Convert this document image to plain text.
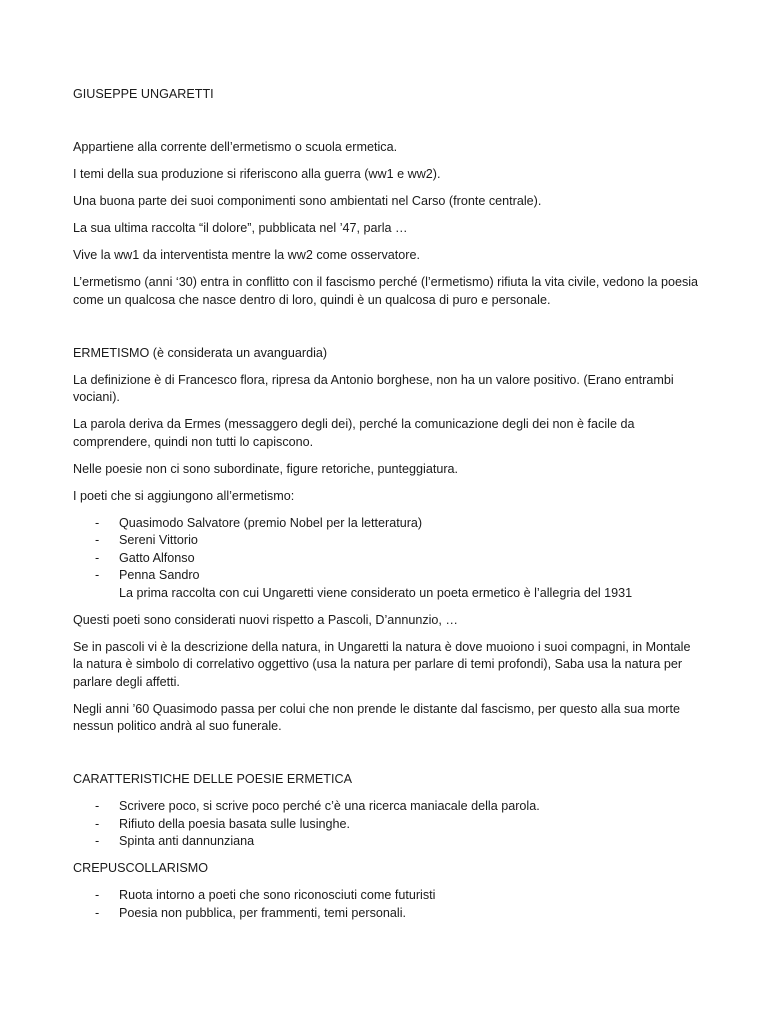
GIUSEPPE UNGARETTI

Appartiene alla corrente dell’ermetismo o scuola ermetica.

I temi della sua produzione si riferiscono alla guerra (ww1 e ww2).

Una buona parte dei suoi componimenti sono ambientati nel Carso (fronte centrale).

La sua ultima raccolta “il dolore”, pubblicata nel ’47, parla …

Vive la ww1 da interventista mentre la ww2 come osservatore.

L’ermetismo (anni ‘30) entra in conflitto con il fascismo perché (l’ermetismo) rifiuta la vita civile, vedono la poesia come un qualcosa che nasce dentro di loro, quindi è un qualcosa di puro e personale.

ERMETISMO (è considerata un avanguardia)

La definizione è di Francesco flora, ripresa da Antonio borghese, non ha un valore positivo. (Erano entrambi vociani).

La parola deriva da Ermes (messaggero degli dei), perché la comunicazione degli dei non è facile da comprendere, quindi non tutti lo capiscono.

Nelle poesie non ci sono subordinate, figure retoriche, punteggiatura.

I poeti che si aggiungono all’ermetismo:

- Quasimodo Salvatore (premio Nobel per la letteratura)
- Sereni Vittorio
- Gatto Alfonso
- Penna Sandro
La prima raccolta con cui Ungaretti viene considerato un poeta ermetico è l’allegria del 1931

Questi poeti sono considerati nuovi rispetto a Pascoli, D’annunzio, …

Se in pascoli vi è la descrizione della natura, in Ungaretti la natura è dove muoiono i suoi compagni, in Montale la natura è simbolo di correlativo oggettivo (usa la natura per parlare di temi profondi), Saba usa la natura per parlare degli affetti.

Negli anni ’60 Quasimodo passa per colui che non prende le distante dal fascismo, per questo alla sua morte nessun politico andrà al suo funerale.

CARATTERISTICHE DELLE POESIE ERMETICA

- Scrivere poco, si scrive poco perché c’è una ricerca maniacale della parola.
- Rifiuto della poesia basata sulle lusinghe.
- Spinta anti dannunziana

CREPUSCOLLARISMO

- Ruota intorno a poeti che sono riconosciuti come futuristi
- Poesia non pubblica, per frammenti, temi personali.
